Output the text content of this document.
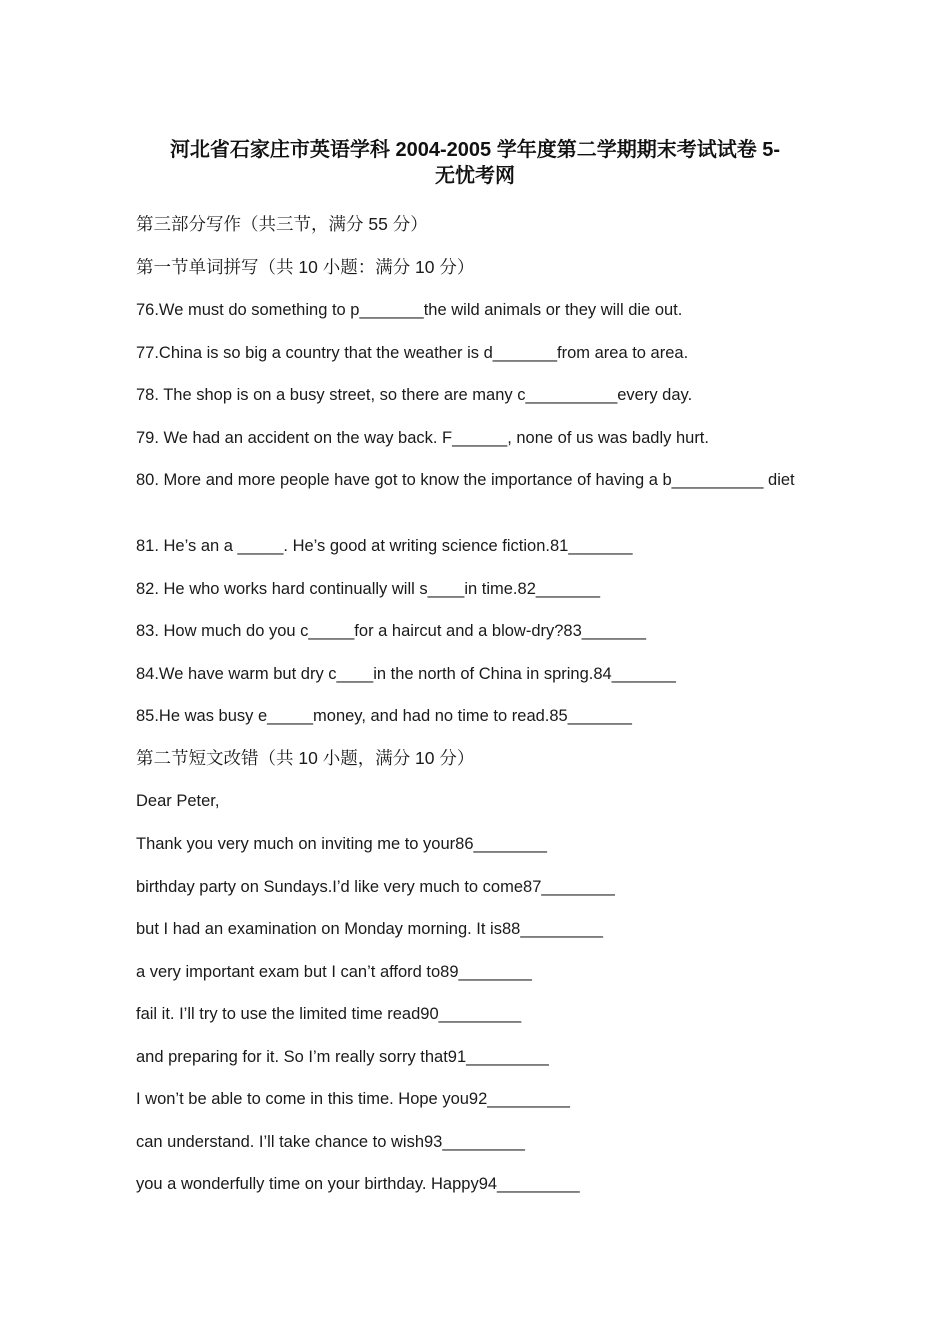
河北省石家庄市英语学科 2004-2005 学年度第二学期期末考试试卷 5-
无忧考网
第三部分写作（共三节，满分 55 分）
第一节单词拼写（共 10 小题：满分 10 分）
76.We must do something to p_______the wild animals or they will die out.
77.China is so big a country that the weather is d_______from area to area.
78. The shop is on a busy street, so there are many c__________every day.
79. We had an accident on the way back. F______, none of us was badly hurt.
80. More and more people have got to know the importance of having a b__________ diet
81. He’s an a _____. He’s good at writing science fiction.81_______
82. He who works hard continually will s____in time.82_______
83. How much do you c_____for a haircut and a blow-dry?83_______
84.We have warm but dry c____in the north of China in spring.84_______
85.He was busy e_____money, and had no time to read.85_______
第二节短文改错（共 10 小题，满分 10 分）
Dear Peter,
Thank you very much on inviting me to your86________
birthday party on Sundays.I’d like very much to come87________
but I had an examination on Monday morning. It is88_________
a very important exam but I can’t afford to89________
fail it. I’ll try to use the limited time read90_________
and preparing for it. So I’m really sorry that91_________
I won’t be able to come in this time. Hope you92_________
can understand. I’ll take chance to wish93_________
you a wonderfully time on your birthday. Happy94_________
